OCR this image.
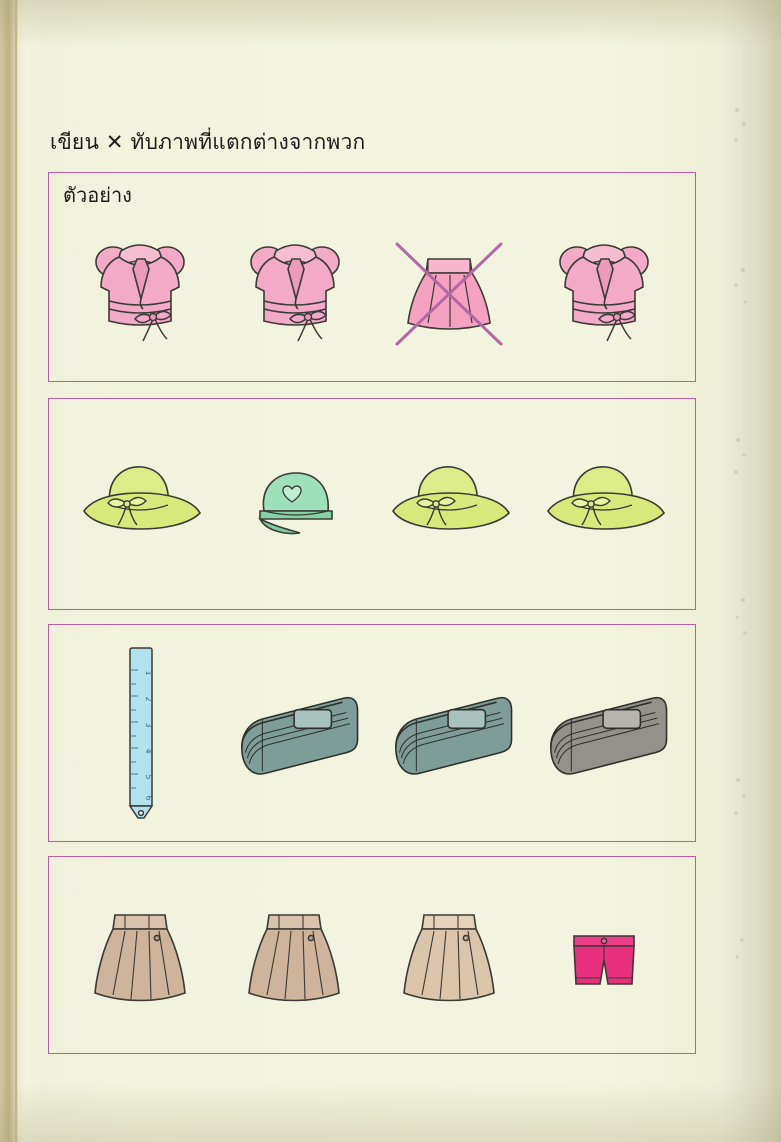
เขียน ✕ ทับภาพที่แตกต่างจากพวก
ตัวอย่าง
1
2
3
4
5
6
